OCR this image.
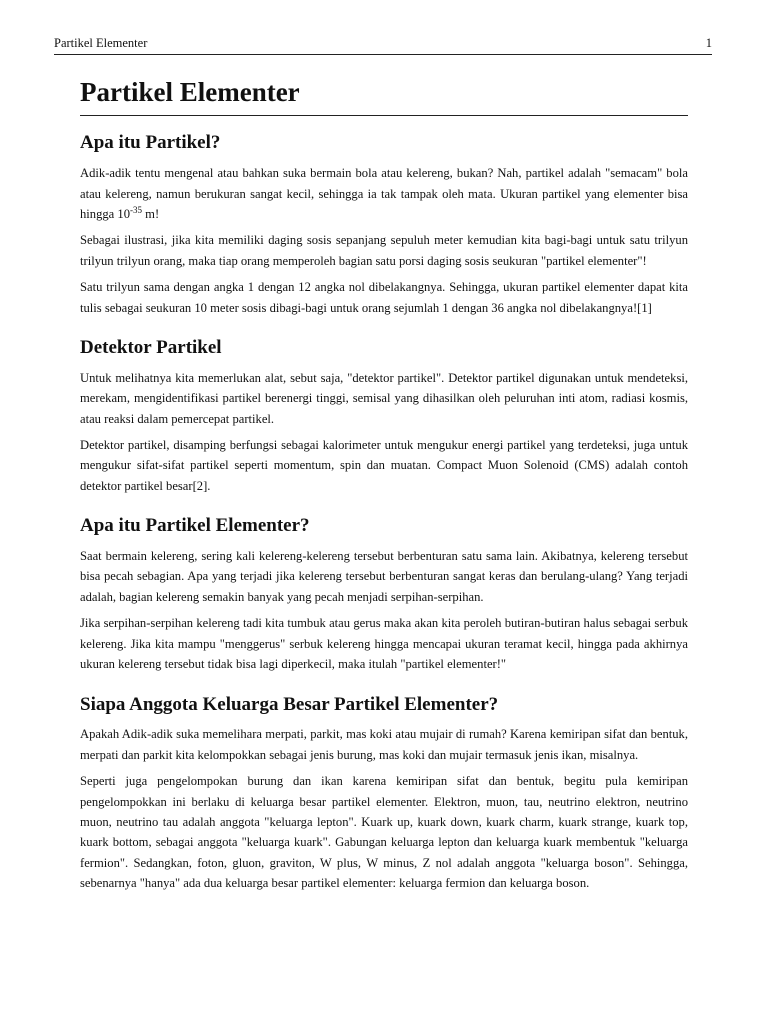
Partikel Elementer	1
Partikel Elementer
Apa itu Partikel?

Adik-adik tentu mengenal atau bahkan suka bermain bola atau kelereng, bukan? Nah, partikel adalah "semacam" bola atau kelereng, namun berukuran sangat kecil, sehingga ia tak tampak oleh mata. Ukuran partikel yang elementer bisa hingga $10^{-35}$ m!

Sebagai ilustrasi, jika kita memiliki daging sosis sepanjang sepuluh meter kemudian kita bagi-bagi untuk satu trilyun trilyun trilyun orang, maka tiap orang memperoleh bagian satu porsi daging sosis seukuran "partikel elementer"!

Satu trilyun sama dengan angka 1 dengan 12 angka nol dibelakangnya. Sehingga, ukuran partikel elementer dapat kita tulis sebagai seukuran 10 meter sosis dibagi-bagi untuk orang sejumlah 1 dengan 36 angka nol dibelakangnya![1]

Detektor Partikel

Untuk melihatnya kita memerlukan alat, sebut saja, "detektor partikel". Detektor partikel digunakan untuk mendeteksi, merekam, mengidentifikasi partikel berenergi tinggi, semisal yang dihasilkan oleh peluruhan inti atom, radiasi kosmis, atau reaksi dalam pemercepat partikel.

Detektor partikel, disamping berfungsi sebagai kalorimeter untuk mengukur energi partikel yang terdeteksi, juga untuk mengukur sifat-sifat partikel seperti momentum, spin dan muatan. Compact Muon Solenoid (CMS) adalah contoh detektor partikel besar[2].

Apa itu Partikel Elementer?

Saat bermain kelereng, sering kali kelereng-kelereng tersebut berbenturan satu sama lain. Akibatnya, kelereng tersebut bisa pecah sebagian. Apa yang terjadi jika kelereng tersebut berbenturan sangat keras dan berulang-ulang? Yang terjadi adalah, bagian kelereng semakin banyak yang pecah menjadi serpihan-serpihan.

Jika serpihan-serpihan kelereng tadi kita tumbuk atau gerus maka akan kita peroleh butiran-butiran halus sebagai serbuk kelereng. Jika kita mampu "menggerus" serbuk kelereng hingga mencapai ukuran teramat kecil, hingga pada akhirnya ukuran kelereng tersebut tidak bisa lagi diperkecil, maka itulah "partikel elementer!"

Siapa Anggota Keluarga Besar Partikel Elementer?

Apakah Adik-adik suka memelihara merpati, parkit, mas koki atau mujair di rumah? Karena kemiripan sifat dan bentuk, merpati dan parkit kita kelompokkan sebagai jenis burung, mas koki dan mujair termasuk jenis ikan, misalnya.

Seperti juga pengelompokan burung dan ikan karena kemiripan sifat dan bentuk, begitu pula kemiripan pengelompokkan ini berlaku di keluarga besar partikel elementer. Elektron, muon, tau, neutrino elektron, neutrino muon, neutrino tau adalah anggota "keluarga lepton". Kuark up, kuark down, kuark charm, kuark strange, kuark top, kuark bottom, sebagai anggota "keluarga kuark". Gabungan keluarga lepton dan keluarga kuark membentuk "keluarga fermion". Sedangkan, foton, gluon, graviton, W plus, W minus, Z nol adalah anggota "keluarga boson". Sehingga, sebenarnya "hanya" ada dua keluarga besar partikel elementer: keluarga fermion dan keluarga boson.
